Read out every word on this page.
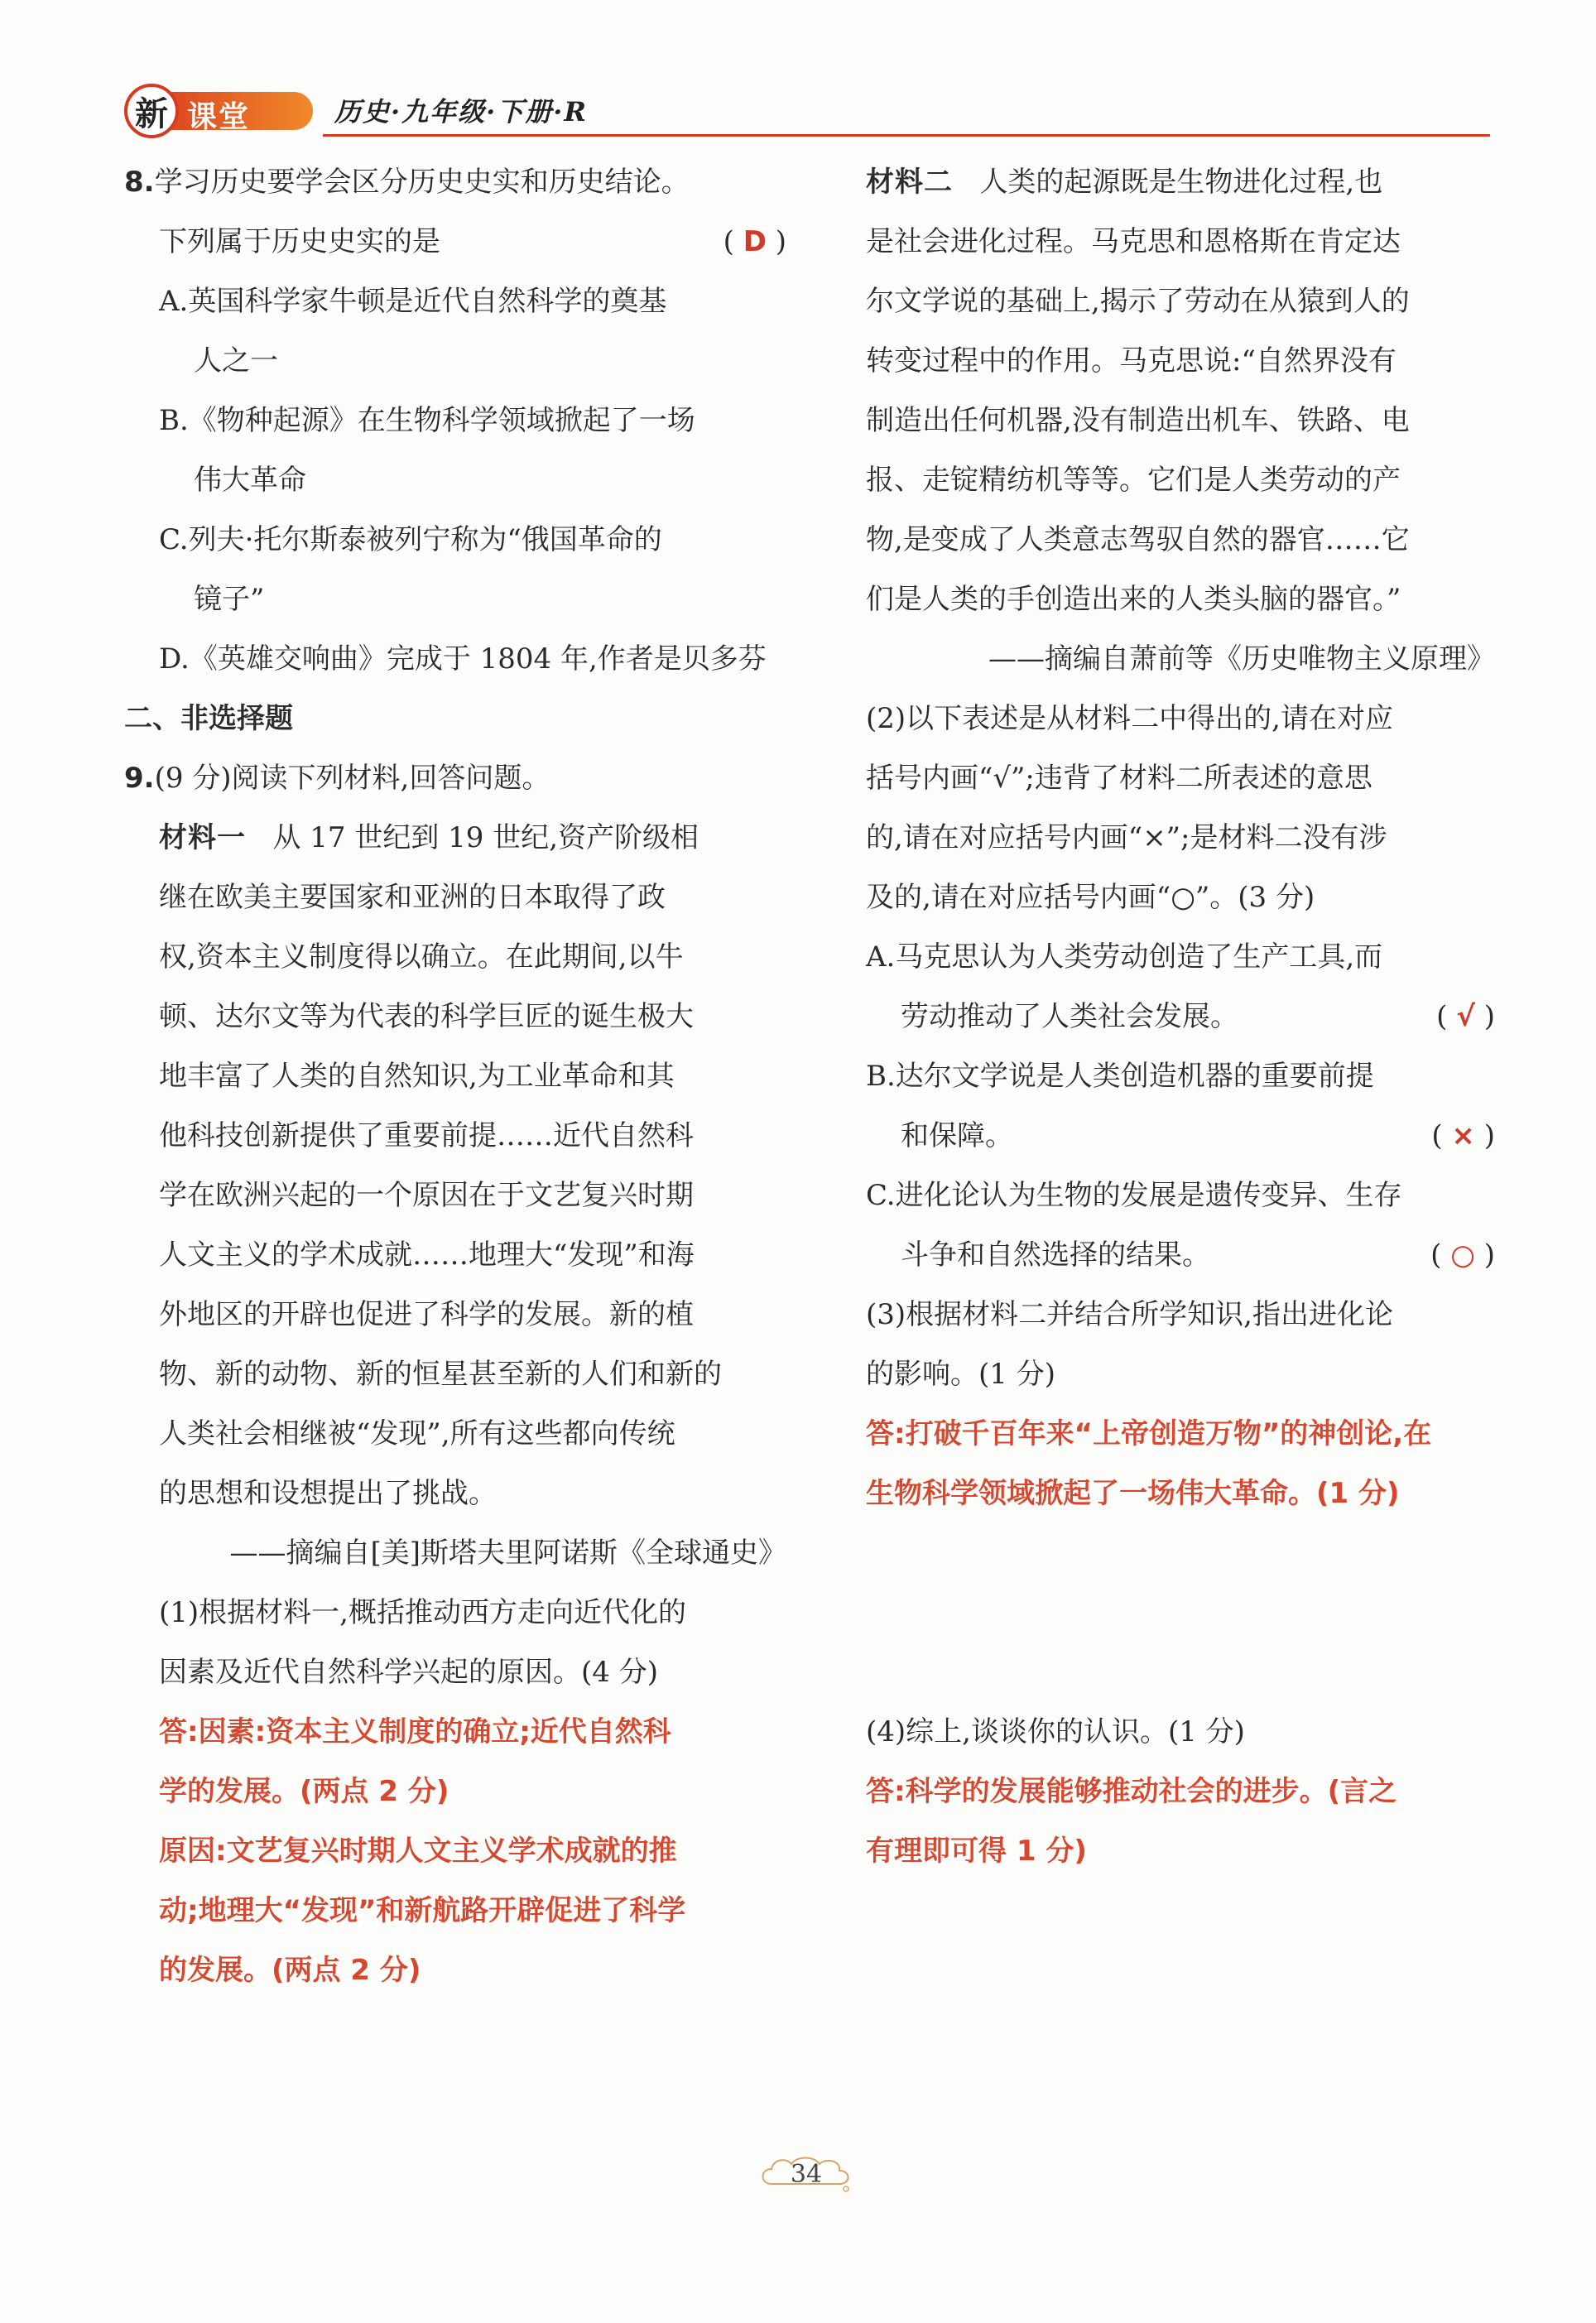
新 课堂	历史·九年级·下册·R
8.学习历史要学会区分历史史实和历史结论。
下列属于历史史实的是	( D )
A.英国科学家牛顿是近代自然科学的奠基
人之一
B.《物种起源》在生物科学领域掀起了一场
伟大革命
C.列夫·托尔斯泰被列宁称为“俄国革命的
镜子”
D.《英雄交响曲》完成于 1804 年,作者是贝多芬
二、非选择题
9.(9 分)阅读下列材料,回答问题。
材料一 从 17 世纪到 19 世纪,资产阶级相
继在欧美主要国家和亚洲的日本取得了政
权,资本主义制度得以确立。在此期间,以牛
顿、达尔文等为代表的科学巨匠的诞生极大
地丰富了人类的自然知识,为工业革命和其
他科技创新提供了重要前提……近代自然科
学在欧洲兴起的一个原因在于文艺复兴时期
人文主义的学术成就……地理大“发现”和海
外地区的开辟也促进了科学的发展。新的植
物、新的动物、新的恒星甚至新的人们和新的
人类社会相继被“发现”,所有这些都向传统
的思想和设想提出了挑战。
——摘编自[美]斯塔夫里阿诺斯《全球通史》
(1)根据材料一,概括推动西方走向近代化的
因素及近代自然科学兴起的原因。(4 分)
答:因素:资本主义制度的确立;近代自然科
学的发展。(两点 2 分)
原因:文艺复兴时期人文主义学术成就的推
动;地理大“发现”和新航路开辟促进了科学
的发展。(两点 2 分)
材料二 人类的起源既是生物进化过程,也
是社会进化过程。马克思和恩格斯在肯定达
尔文学说的基础上,揭示了劳动在从猿到人的
转变过程中的作用。马克思说:“自然界没有
制造出任何机器,没有制造出机车、铁路、电
报、走锭精纺机等等。它们是人类劳动的产
物,是变成了人类意志驾驭自然的器官……它
们是人类的手创造出来的人类头脑的器官。”
——摘编自萧前等《历史唯物主义原理》
(2)以下表述是从材料二中得出的,请在对应
括号内画“√”;违背了材料二所表述的意思
的,请在对应括号内画“×”;是材料二没有涉
及的,请在对应括号内画“○”。(3 分)
A.马克思认为人类劳动创造了生产工具,而
劳动推动了人类社会发展。	( √ )
B.达尔文学说是人类创造机器的重要前提
和保障。	( × )
C.进化论认为生物的发展是遗传变异、生存
斗争和自然选择的结果。	( ○ )
(3)根据材料二并结合所学知识,指出进化论
的影响。(1 分)
答:打破千百年来“上帝创造万物”的神创论,在
生物科学领域掀起了一场伟大革命。(1 分)
(4)综上,谈谈你的认识。(1 分)
答:科学的发展能够推动社会的进步。(言之
有理即可得 1 分)
34
